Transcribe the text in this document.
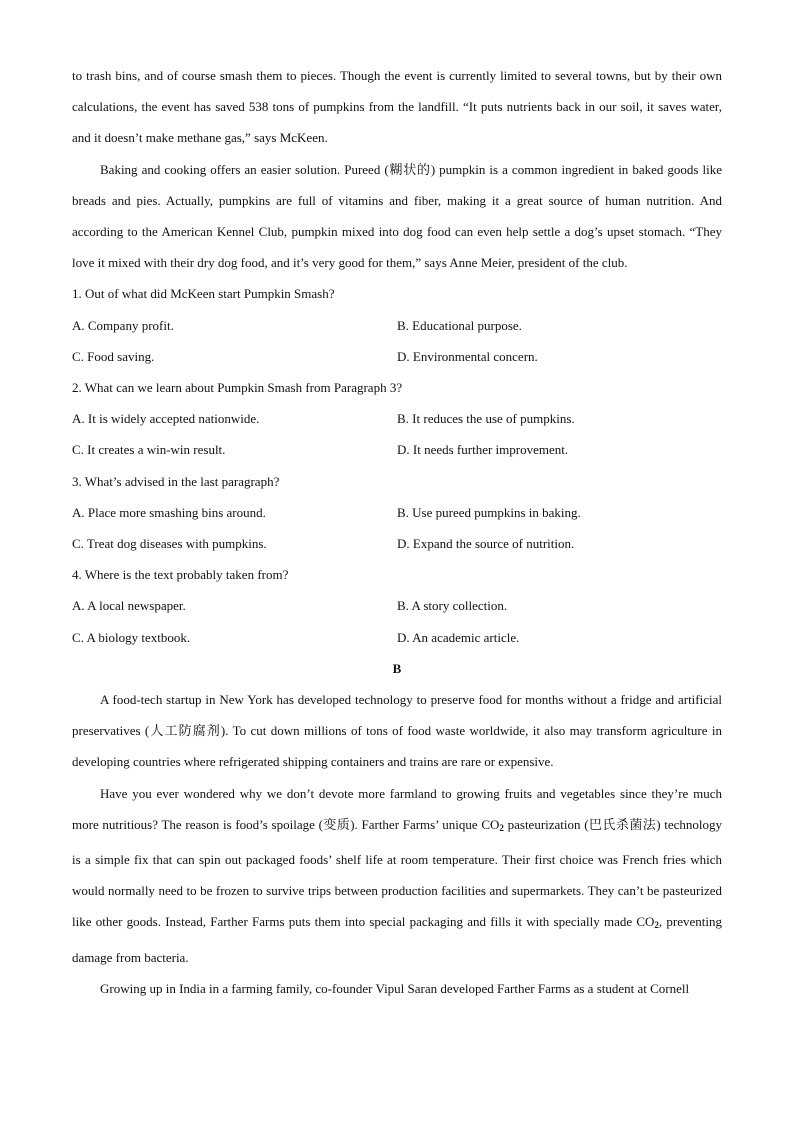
to trash bins, and of course smash them to pieces. Though the event is currently limited to several towns, but by their own calculations, the event has saved 538 tons of pumpkins from the landfill. “It puts nutrients back in our soil, it saves water, and it doesn’t make methane gas,” says McKeen.

Baking and cooking offers an easier solution. Pureed (糊状的) pumpkin is a common ingredient in baked goods like breads and pies. Actually, pumpkins are full of vitamins and fiber, making it a great source of human nutrition. And according to the American Kennel Club, pumpkin mixed into dog food can even help settle a dog’s upset stomach. “They love it mixed with their dry dog food, and it’s very good for them,” says Anne Meier, president of the club.

1. Out of what did McKeen start Pumpkin Smash?

A. Company profit.	B. Educational purpose.
C. Food saving.	D. Environmental concern.

2. What can we learn about Pumpkin Smash from Paragraph 3?

A. It is widely accepted nationwide.	B. It reduces the use of pumpkins.
C. It creates a win-win result.	D. It needs further improvement.

3. What’s advised in the last paragraph?

A. Place more smashing bins around.	B. Use pureed pumpkins in baking.
C. Treat dog diseases with pumpkins.	D. Expand the source of nutrition.

4. Where is the text probably taken from?

A. A local newspaper.	B. A story collection.
C. A biology textbook.	D. An academic article.

B

A food-tech startup in New York has developed technology to preserve food for months without a fridge and artificial preservatives (人工防腐剂). To cut down millions of tons of food waste worldwide, it also may transform agriculture in developing countries where refrigerated shipping containers and trains are rare or expensive.

Have you ever wondered why we don’t devote more farmland to growing fruits and vegetables since they’re much more nutritious? The reason is food’s spoilage (变质). Farther Farms’ unique $CO_2$ pasteurization (巴氏杀菌法) technology is a simple fix that can spin out packaged foods’ shelf life at room temperature. Their first choice was French fries which would normally need to be frozen to survive trips between production facilities and supermarkets. They can’t be pasteurized like other goods. Instead, Farther Farms puts them into special packaging and fills it with specially made $CO_2$, preventing damage from bacteria.

Growing up in India in a farming family, co-founder Vipul Saran developed Farther Farms as a student at Cornell
